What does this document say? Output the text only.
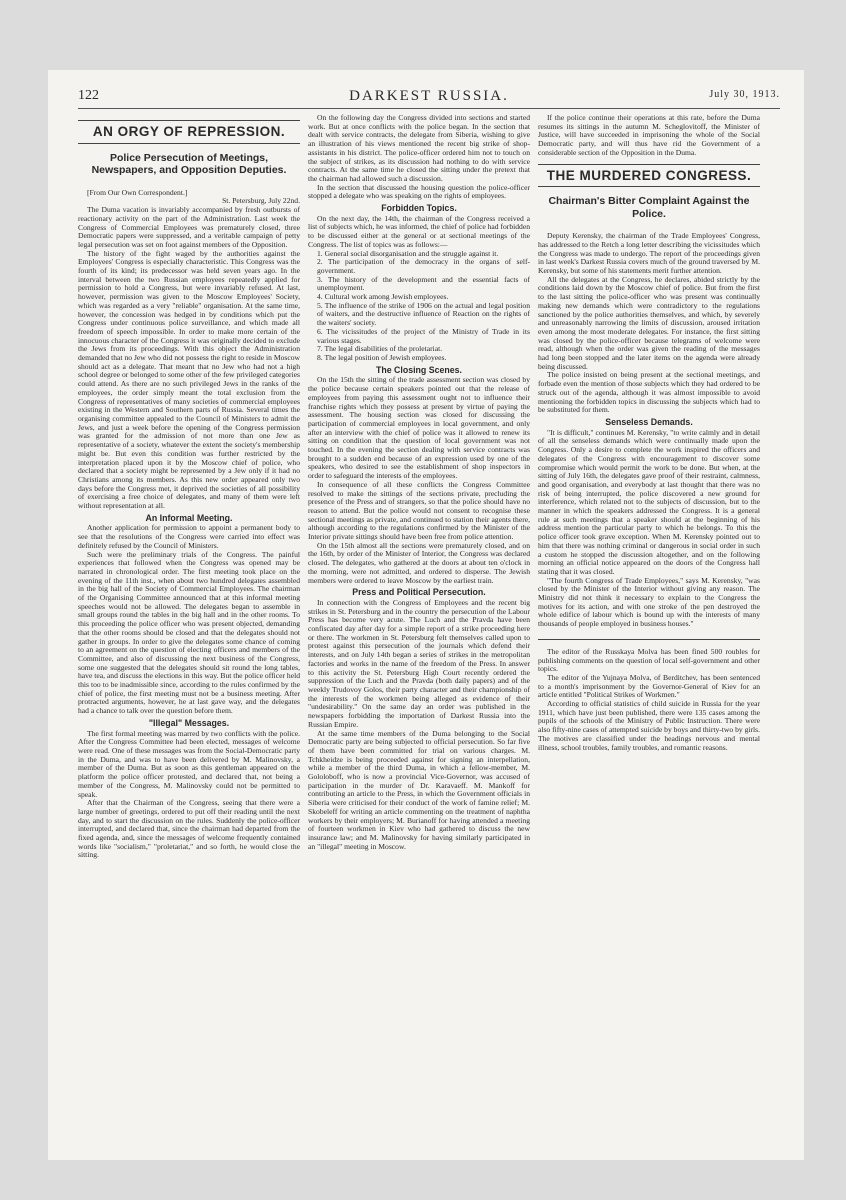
122	DARKEST RUSSIA.	July 30, 1913.
AN ORGY OF REPRESSION.
Police Persecution of Meetings, Newspapers, and Opposition Deputies.

[From Our Own Correspondent.]

St. Petersburg, July 22nd.

The Duma vacation is invariably accompanied by fresh outbursts of reactionary activity on the part of the Administration. Last week the Congress of Commercial Employees was prematurely closed, three Democratic papers were suppressed, and a veritable campaign of petty legal persecution was set on foot against members of the Opposition.

The history of the fight waged by the authorities against the Employees' Congress is especially characteristic. This Congress was the fourth of its kind; its predecessor was held seven years ago. In the interval between the two Russian employees repeatedly applied for permission to hold a Congress, but were invariably refused. At last, however, permission was given to the Moscow Employees' Society, which was regarded as a very "reliable" organisation. At the same time, however, the concession was hedged in by conditions which put the Congress under continuous police surveillance, and which made all freedom of speech impossible. In order to make more certain of the innocuous character of the Congress it was originally decided to exclude the Jews from its proceedings. With this object the Administration demanded that no Jew who did not possess the right to reside in Moscow should act as a delegate. That meant that no Jew who had not a high school degree or belonged to some other of the few privileged categories could attend. As there are no such privileged Jews in the ranks of the employees, the order simply meant the total exclusion from the Congress of representatives of many societies of commercial employees existing in the Western and Southern parts of Russia. Several times the organising committee appealed to the Council of Ministers to admit the Jews, and just a week before the opening of the Congress permission was granted for the admission of not more than one Jew as representative of a society, whatever the extent the society's membership might be. But even this condition was further restricted by the interpretation placed upon it by the Moscow chief of police, who declared that a society might be represented by a Jew only if it had no Christians among its members. As this new order appeared only two days before the Congress met, it deprived the societies of all possibility of exercising a free choice of delegates, and many of them were left without representation at all.

An Informal Meeting.

Another application for permission to appoint a permanent body to see that the resolutions of the Congress were carried into effect was definitely refused by the Council of Ministers.

Such were the preliminary trials of the Congress. The painful experiences that followed when the Congress was opened may be narrated in chronological order. The first meeting took place on the evening of the 11th inst., when about two hundred delegates assembled in the big hall of the Society of Commercial Employees. The chairman of the Organising Committee announced that at this informal meeting speeches would not be allowed. The delegates began to assemble in small groups round the tables in the big hall and in the other rooms. To this proceeding the police officer who was present objected, demanding that the other rooms should be closed and that the delegates should not gather in groups. In order to give the delegates some chance of coming to an agreement on the question of electing officers and members of the Committee, and also of discussing the next business of the Congress, some one suggested that the delegates should sit round the long tables, have tea, and discuss the elections in this way. But the police officer held this too to be inadmissible since, according to the rules confirmed by the chief of police, the first meeting must not be a business meeting. After protracted arguments, however, he at last gave way, and the delegates had a chance to talk over the question before them.

"Illegal" Messages.

The first formal meeting was marred by two conflicts with the police. After the Congress Committee had been elected, messages of welcome were read. One of these messages was from the Social-Democratic party in the Duma, and was to have been delivered by M. Malinovsky, a member of the Duma. But as soon as this gentleman appeared on the platform the police officer protested, and declared that, not being a member of the Congress, M. Malinovsky could not be permitted to speak.

After that the Chairman of the Congress, seeing that there were a large number of greetings, ordered to put off their reading until the next day, and to start the discussion on the rules. Suddenly the police-officer interrupted, and declared that, since the chairman had departed from the fixed agenda, and, since the messages of welcome frequently contained words like "socialism," "proletariat," and so forth, he would close the sitting.

On the following day the Congress divided into sections and started work. But at once conflicts with the police began. In the section that dealt with service contracts, the delegate from Siberia, wishing to give an illustration of his views mentioned the recent big strike of shop-assistants in his district. The police-officer ordered him not to touch on the subject of strikes, as its discussion had nothing to do with service contracts. At the same time he closed the sitting under the pretext that the chairman had allowed such a discussion.

In the section that discussed the housing question the police-officer stopped a delegate who was speaking on the rights of employees.

Forbidden Topics.

On the next day, the 14th, the chairman of the Congress received a list of subjects which, he was informed, the chief of police had forbidden to be discussed either at the general or at sectional meetings of the Congress. The list of topics was as follows:—

1. General social disorganisation and the struggle against it.

2. The participation of the democracy in the organs of self-government.

3. The history of the development and the essential facts of unemployment.

4. Cultural work among Jewish employees.

5. The influence of the strike of 1906 on the actual and legal position of waiters, and the destructive influence of Reaction on the rights of the waiters' society.

6. The vicissitudes of the project of the Ministry of Trade in its various stages.

7. The legal disabilities of the proletariat.

8. The legal position of Jewish employees.

The Closing Scenes.

On the 15th the sitting of the trade assessment section was closed by the police because certain speakers pointed out that the release of employees from paying this assessment ought not to influence their franchise rights which they possess at present by virtue of paying the assessment. The housing section was closed for discussing the participation of commercial employees in local government, and only after an interview with the chief of police was it allowed to renew its sitting on condition that the question of local government was not touched. In the evening the section dealing with service contracts was brought to a sudden end because of an expression used by one of the speakers, who desired to see the establishment of shop inspectors in order to safeguard the interests of the employees.

In consequence of all these conflicts the Congress Committee resolved to make the sittings of the sections private, precluding the presence of the Press and of strangers, so that the police should have no reason to attend. But the police would not consent to recognise these sectional meetings as private, and continued to station their agents there, although according to the regulations confirmed by the Minister of the Interior private sittings should have been free from police attention.

On the 15th almost all the sections were prematurely closed, and on the 16th, by order of the Minister of Interior, the Congress was declared closed. The delegates, who gathered at the doors at about ten o'clock in the morning, were not admitted, and ordered to disperse. The Jewish members were ordered to leave Moscow by the earliest train.

Press and Political Persecution.

In connection with the Congress of Employees and the recent big strikes in St. Petersburg and in the country the persecution of the Labour Press has become very acute. The Luch and the Pravda have been confiscated day after day for a simple report of a strike proceeding here or there. The workmen in St. Petersburg felt themselves called upon to protest against this persecution of the journals which defend their interests, and on July 14th began a series of strikes in the metropolitan factories and works in the name of the freedom of the Press. In answer to this activity the St. Petersburg High Court recently ordered the suppression of the Luch and the Pravda (both daily papers) and of the weekly Trudovoy Golos, their party character and their championship of the interests of the workmen being alleged as evidence of their "undesirability." On the same day an order was published in the newspapers forbidding the importation of Darkest Russia into the Russian Empire.

At the same time members of the Duma belonging to the Social Democratic party are being subjected to official persecution. So far five of them have been committed for trial on various charges. M. Tchkheidze is being proceeded against for signing an interpellation, while a member of the third Duma, in which a fellow-member, M. Gololoboff, who is now a provincial Vice-Governor, was accused of participation in the murder of Dr. Karavaeff. M. Mankoff for contributing an article to the Press, in which the Government officials in Siberia were criticised for their conduct of the work of famine relief; M. Skobeleff for writing an article commenting on the treatment of naphtha workers by their employers; M. Burianoff for having attended a meeting of fourteen workmen in Kiev who had gathered to discuss the new insurance law; and M. Malinovsky for having similarly participated in an "illegal" meeting in Moscow.

If the police continue their operations at this rate, before the Duma resumes its sittings in the autumn M. Scheglovitoff, the Minister of Justice, will have succeeded in imprisoning the whole of the Social Democratic party, and will thus have rid the Government of a considerable section of the Opposition in the Duma.

THE MURDERED CONGRESS.
Chairman's Bitter Complaint Against the Police.

Deputy Kerensky, the chairman of the Trade Employees' Congress, has addressed to the Retch a long letter describing the vicissitudes which the Congress was made to undergo. The report of the proceedings given in last week's Darkest Russia covers much of the ground traversed by M. Kerensky, but some of his statements merit further attention.

All the delegates at the Congress, he declares, abided strictly by the conditions laid down by the Moscow chief of police. But from the first to the last sitting the police-officer who was present was continually making new demands which were contradictory to the regulations sanctioned by the police authorities themselves, and which, by severely and unreasonably narrowing the limits of discussion, aroused irritation even among the most moderate delegates. For instance, the first sitting was closed by the police-officer because telegrams of welcome were read, although when the order was given the reading of the messages had long been stopped and the later items on the agenda were already being discussed.

The police insisted on being present at the sectional meetings, and forbade even the mention of those subjects which they had ordered to be struck out of the agenda, although it was almost impossible to avoid mentioning the forbidden topics in discussing the subjects which had to be substituted for them.

Senseless Demands.

"It is difficult," continues M. Kerensky, "to write calmly and in detail of all the senseless demands which were continually made upon the Congress. Only a desire to complete the work inspired the officers and delegates of the Congress with encouragement to discover some compromise which would permit the work to be done. But when, at the sitting of July 16th, the delegates gave proof of their restraint, calmness, and good organisation, and everybody at last thought that there was no risk of being interrupted, the police discovered a new ground for interference, which related not to the subjects of discussion, but to the manner in which the speakers addressed the Congress. It is a general rule at such meetings that a speaker should at the beginning of his address mention the particular party to which he belongs. To this the police officer took grave exception. When M. Kerensky pointed out to him that there was nothing criminal or dangerous in social order in such a custom he stopped the discussion altogether, and on the following morning an official notice appeared on the doors of the Congress hall stating that it was closed.

"The fourth Congress of Trade Employees," says M. Kerensky, "was closed by the Minister of the Interior without giving any reason. The Ministry did not think it necessary to explain to the Congress the motives for its action, and with one stroke of the pen destroyed the whole edifice of labour which is bound up with the interests of many thousands of people employed in business houses."

The editor of the Russkaya Molva has been fined 500 roubles for publishing comments on the question of local self-government and other topics.

The editor of the Yujnaya Molva, of Berditchev, has been sentenced to a month's imprisonment by the Governor-General of Kiev for an article entitled "Political Strikes of Workmen."

According to official statistics of child suicide in Russia for the year 1911, which have just been published, there were 135 cases among the pupils of the schools of the Ministry of Public Instruction. There were also fifty-nine cases of attempted suicide by boys and thirty-two by girls. The motives are classified under the headings nervous and mental illness, school troubles, family troubles, and romantic reasons.
